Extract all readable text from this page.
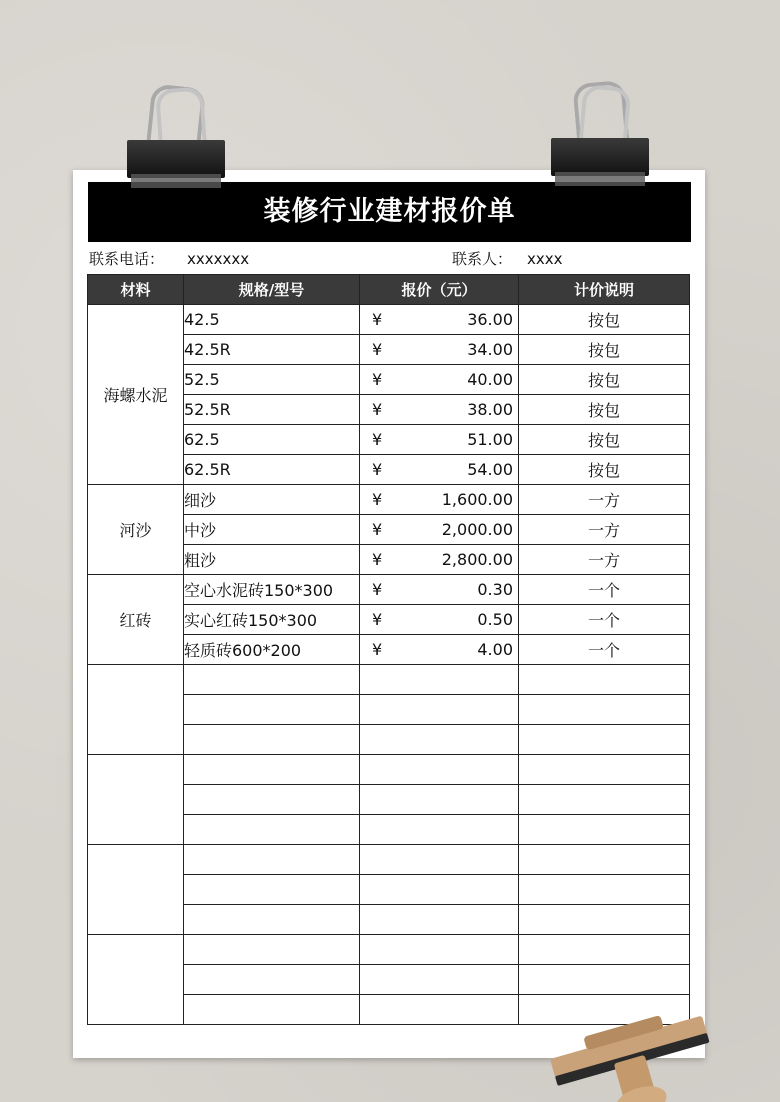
装修行业建材报价单
联系电话： xxxxxxx	联系人： xxxx
材料	规格/型号	报价（元）	计价说明
海螺水泥	42.5	¥ 36.00	按包
	42.5R	¥ 34.00	按包
	52.5	¥ 40.00	按包
	52.5R	¥ 38.00	按包
	62.5	¥ 51.00	按包
	62.5R	¥ 54.00	按包
河沙	细沙	¥ 1,600.00	一方
	中沙	¥ 2,000.00	一方
	粗沙	¥ 2,800.00	一方
红砖	空心水泥砖150*300	¥ 0.30	一个
	实心红砖150*300	¥ 0.50	一个
	轻质砖600*200	¥ 4.00	一个
